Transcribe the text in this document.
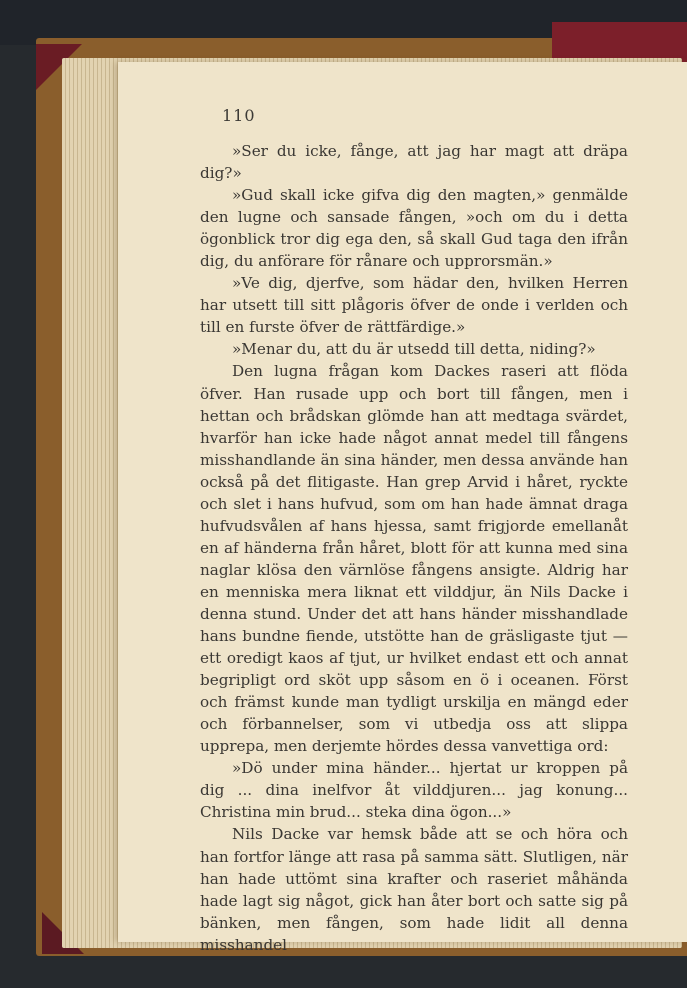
110

»Ser du icke, fånge, att jag har magt att dräpa dig?»

»Gud skall icke gifva dig den magten,» genmälde den lugne och sansade fången, »och om du i detta ögonblick tror dig ega den, så skall Gud taga den ifrån dig, du anförare för rånare och upprorsmän.»

»Ve dig, djerfve, som hädar den, hvilken Herren har utsett till sitt plågoris öfver de onde i verlden och till en furste öfver de rättfärdige.»

»Menar du, att du är utsedd till detta, niding?»

Den lugna frågan kom Dackes raseri att flöda öfver. Han rusade upp och bort till fången, men i hettan och brådskan glömde han att medtaga svärdet, hvarför han icke hade något annat medel till fångens misshandlande än sina händer, men dessa använde han också på det flitigaste. Han grep Arvid i håret, ryckte och slet i hans hufvud, som om han hade ämnat draga hufvudsvålen af hans hjessa, samt frigjorde emellanåt en af händerna från håret, blott för att kunna med sina naglar klösa den värnlöse fångens ansigte. Aldrig har en menniska mera liknat ett vilddjur, än Nils Dacke i denna stund. Under det att hans händer misshandlade hans bundne fiende, utstötte han de gräsligaste tjut — ett oredigt kaos af tjut, ur hvilket endast ett och annat begripligt ord sköt upp såsom en ö i oceanen. Först och främst kunde man tydligt urskilja en mängd eder och förbannelser, som vi utbedja oss att slippa upprepa, men derjemte hördes dessa vanvettiga ord:

»Dö under mina händer... hjertat ur kroppen på dig ... dina inelfvor åt vilddjuren... jag konung... Christina min brud... steka dina ögon...»

Nils Dacke var hemsk både att se och höra och han fortfor länge att rasa på samma sätt. Slutligen, när han hade uttömt sina krafter och raseriet måhända hade lagt sig något, gick han åter bort och satte sig på bänken, men fången, som hade lidit all denna misshandel
